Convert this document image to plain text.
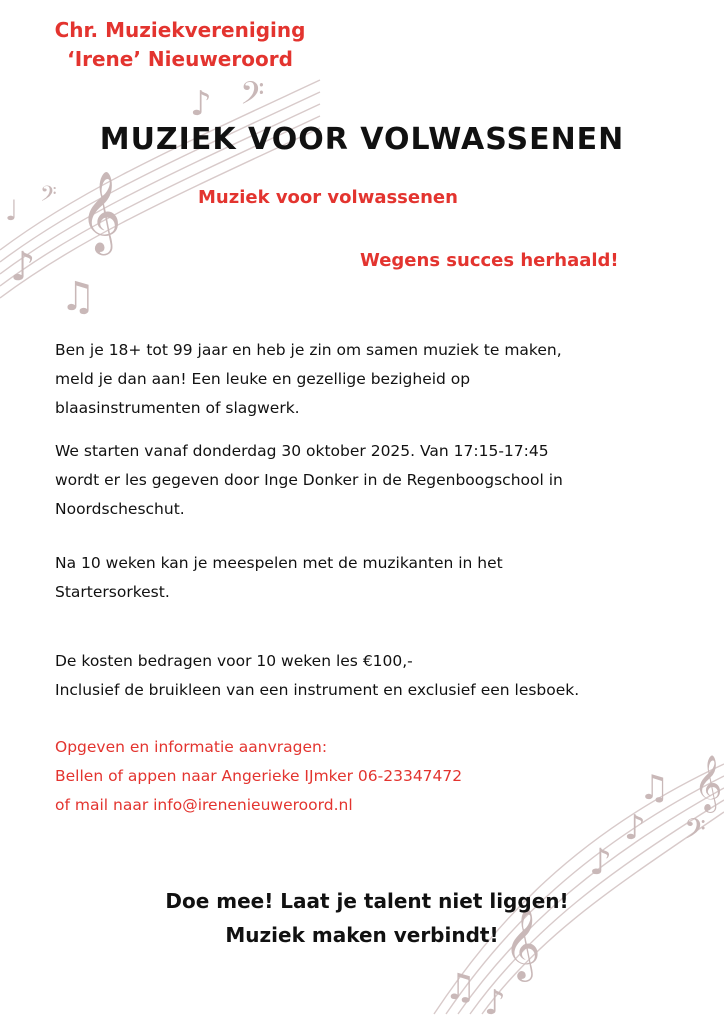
𝄞
𝄢
𝄢
♪
♪
♫
♩
𝄞
𝄞
𝄢
♫
♪
♪
♫ ♪
Chr. Muziekvereniging
‘Irene’ Nieuweroord
MUZIEK VOOR VOLWASSENEN
Muziek voor volwassenen
Wegens succes herhaald!
Ben je 18+ tot 99 jaar en heb je zin om samen muziek te maken,
meld je dan aan! Een leuke en gezellige bezigheid op
blaasinstrumenten of slagwerk.
We starten vanaf donderdag 30 oktober 2025. Van 17:15-17:45
wordt er les gegeven door Inge Donker in de Regenboogschool in
Noordscheschut.
Na 10 weken kan je meespelen met de muzikanten in het
Startersorkest.
De kosten bedragen voor 10 weken les €100,-
Inclusief de bruikleen van een instrument en exclusief een lesboek.
Opgeven en informatie aanvragen:
Bellen of appen naar Angerieke IJmker 06-23347472
of mail naar info@irenenieuweroord.nl
Doe mee! Laat je talent niet liggen!
Muziek maken verbindt!
